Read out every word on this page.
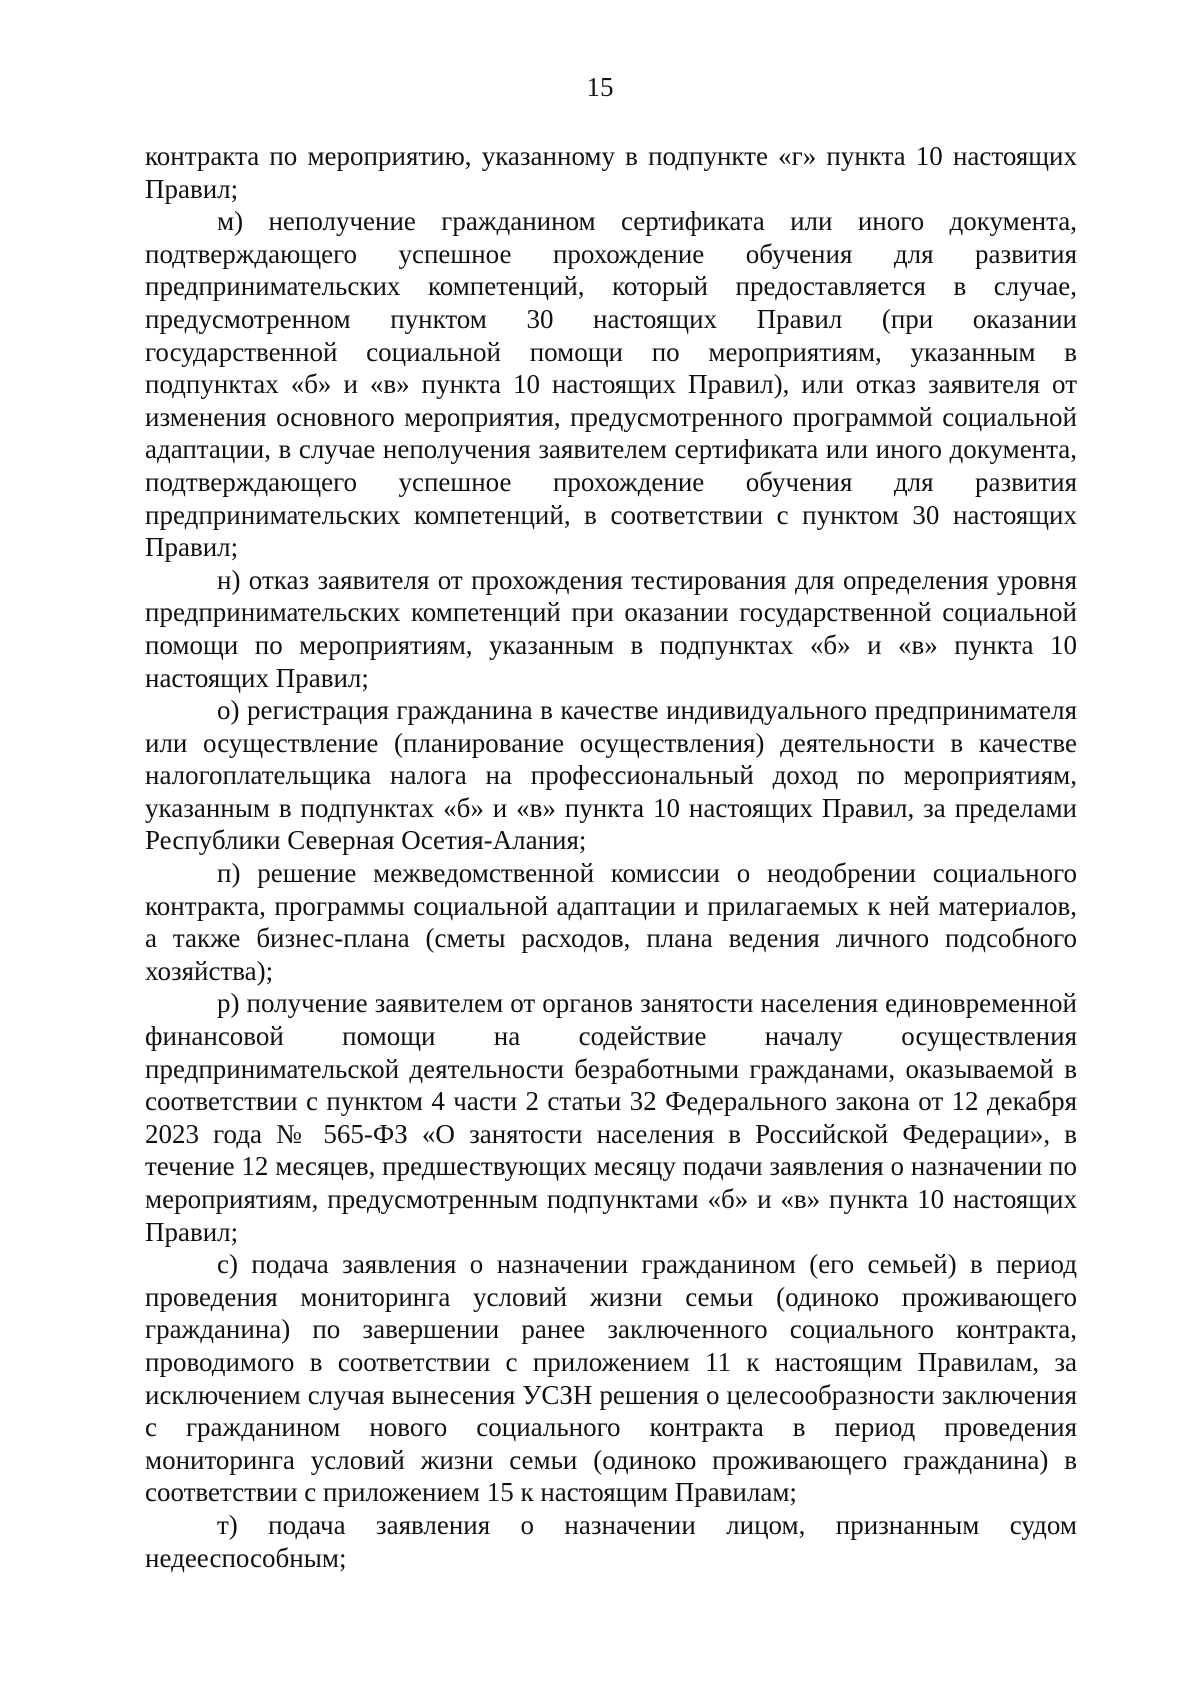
15

контракта по мероприятию, указанному в подпункте «г» пункта 10 настоящих Правил;

м) неполучение гражданином сертификата или иного документа, подтверждающего успешное прохождение обучения для развития предпринимательских компетенций, который предоставляется в случае, предусмотренном пунктом 30 настоящих Правил (при оказании государственной социальной помощи по мероприятиям, указанным в подпунктах «б» и «в» пункта 10 настоящих Правил), или отказ заявителя от изменения основного мероприятия, предусмотренного программой социальной адаптации, в случае неполучения заявителем сертификата или иного документа, подтверждающего успешное прохождение обучения для развития предпринимательских компетенций, в соответствии с пунктом 30 настоящих Правил;

н) отказ заявителя от прохождения тестирования для определения уровня предпринимательских компетенций при оказании государственной социальной помощи по мероприятиям, указанным в подпунктах «б» и «в» пункта 10 настоящих Правил;

о) регистрация гражданина в качестве индивидуального предпринимателя или осуществление (планирование осуществления) деятельности в качестве налогоплательщика налога на профессиональный доход по мероприятиям, указанным в подпунктах «б» и «в» пункта 10 настоящих Правил, за пределами Республики Северная Осетия-Алания;

п) решение межведомственной комиссии о неодобрении социального контракта, программы социальной адаптации и прилагаемых к ней материалов, а также бизнес-плана (сметы расходов, плана ведения личного подсобного хозяйства);

р) получение заявителем от органов занятости населения единовременной финансовой помощи на содействие началу осуществления предпринимательской деятельности безработными гражданами, оказываемой в соответствии с пунктом 4 части 2 статьи 32 Федерального закона от 12 декабря 2023 года № 565-ФЗ «О занятости населения в Российской Федерации», в течение 12 месяцев, предшествующих месяцу подачи заявления о назначении по мероприятиям, предусмотренным подпунктами «б» и «в» пункта 10 настоящих Правил;

с) подача заявления о назначении гражданином (его семьей) в период проведения мониторинга условий жизни семьи (одиноко проживающего гражданина) по завершении ранее заключенного социального контракта, проводимого в соответствии с приложением 11 к настоящим Правилам, за исключением случая вынесения УСЗН решения о целесообразности заключения с гражданином нового социального контракта в период проведения мониторинга условий жизни семьи (одиноко проживающего гражданина) в соответствии с приложением 15 к настоящим Правилам;

т) подача заявления о назначении лицом, признанным судом недееспособным;
